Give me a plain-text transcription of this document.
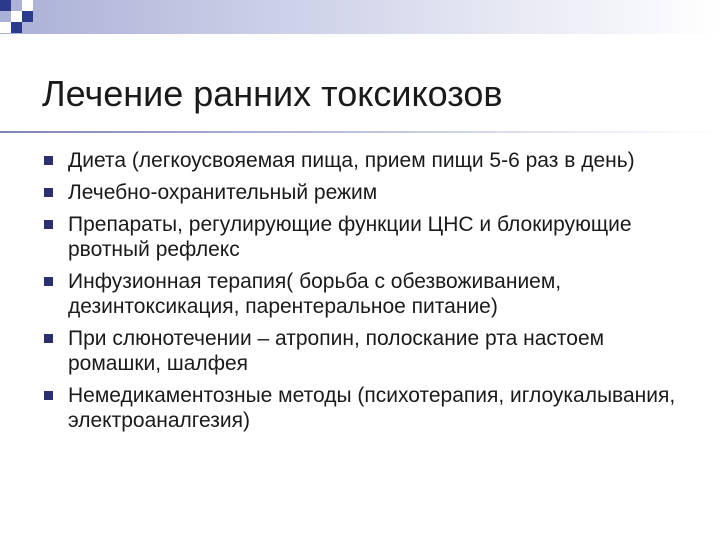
Лечение ранних токсикозов
Диета (легкоусвояемая пища, прием пищи 5-6 раз в день)
Лечебно-охранительный режим
Препараты, регулирующие функции ЦНС и блокирующие рвотный рефлекс
Инфузионная терапия( борьба с обезвоживанием, дезинтоксикация, парентеральное питание)
При слюнотечении – атропин, полоскание рта настоем ромашки, шалфея
Немедикаментозные методы (психотерапия, иглоукалывания, электроаналгезия)
